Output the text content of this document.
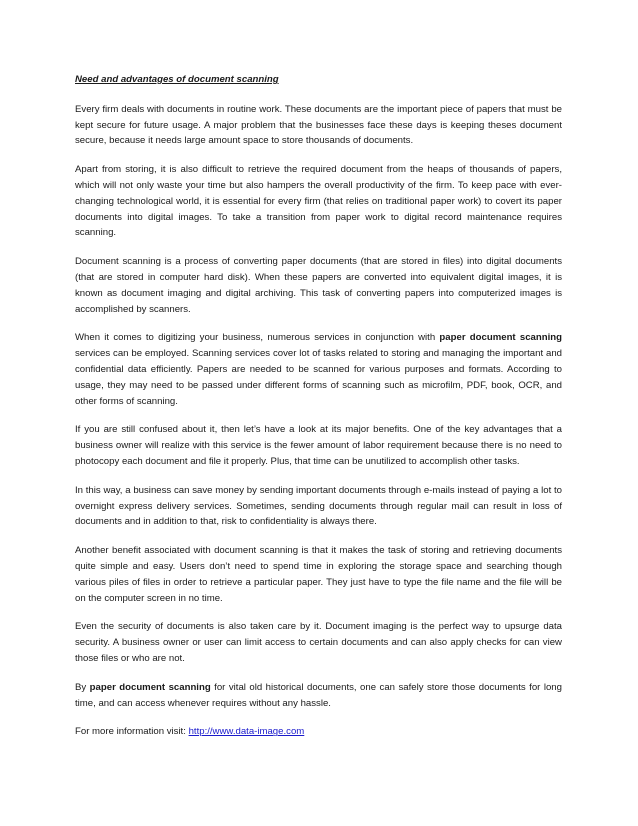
Need and advantages of document scanning
Every firm deals with documents in routine work. These documents are the important piece of papers that must be kept secure for future usage. A major problem that the businesses face these days is keeping theses document secure, because it needs large amount space to store thousands of documents.
Apart from storing, it is also difficult to retrieve the required document from the heaps of thousands of papers, which will not only waste your time but also hampers the overall productivity of the firm. To keep pace with ever-changing technological world, it is essential for every firm (that relies on traditional paper work) to covert its paper documents into digital images. To take a transition from paper work to digital record maintenance requires scanning.
Document scanning is a process of converting paper documents (that are stored in files) into digital documents (that are stored in computer hard disk). When these papers are converted into equivalent digital images, it is known as document imaging and digital archiving. This task of converting papers into computerized images is accomplished by scanners.
When it comes to digitizing your business, numerous services in conjunction with paper document scanning services can be employed. Scanning services cover lot of tasks related to storing and managing the important and confidential data efficiently. Papers are needed to be scanned for various purposes and formats. According to usage, they may need to be passed under different forms of scanning such as microfilm, PDF, book, OCR, and other forms of scanning.
If you are still confused about it, then let’s have a look at its major benefits. One of the key advantages that a business owner will realize with this service is the fewer amount of labor requirement because there is no need to photocopy each document and file it properly. Plus, that time can be unutilized to accomplish other tasks.
In this way, a business can save money by sending important documents through e-mails instead of paying a lot to overnight express delivery services. Sometimes, sending documents through regular mail can result in loss of documents and in addition to that, risk to confidentiality is always there.
Another benefit associated with document scanning is that it makes the task of storing and retrieving documents quite simple and easy. Users don’t need to spend time in exploring the storage space and searching though various piles of files in order to retrieve a particular paper. They just have to type the file name and the file will be on the computer screen in no time.
Even the security of documents is also taken care by it. Document imaging is the perfect way to upsurge data security. A business owner or user can limit access to certain documents and can also apply checks for can view those files or who are not.
By paper document scanning for vital old historical documents, one can safely store those documents for long time, and can access whenever requires without any hassle.
For more information visit: http://www.data-image.com
